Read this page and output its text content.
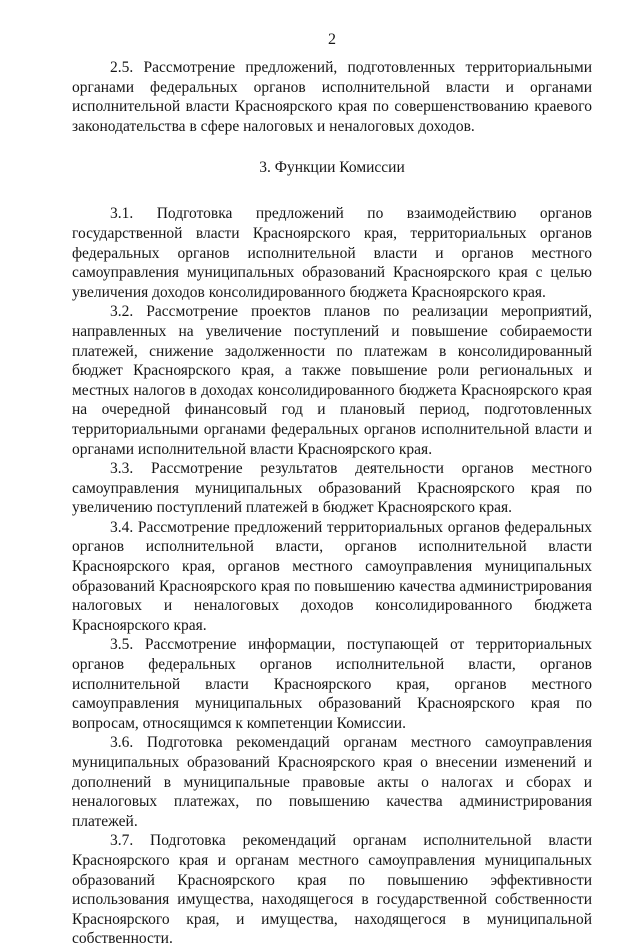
2

2.5. Рассмотрение предложений, подготовленных территориальными органами федеральных органов исполнительной власти и органами исполнительной власти Красноярского края по совершенствованию краевого законодательства в сфере налоговых и неналоговых доходов.

3. Функции Комиссии

3.1. Подготовка предложений по взаимодействию органов государственной власти Красноярского края, территориальных органов федеральных органов исполнительной власти и органов местного самоуправления муниципальных образований Красноярского края с целью увеличения доходов консолидированного бюджета Красноярского края.

3.2. Рассмотрение проектов планов по реализации мероприятий, направленных на увеличение поступлений и повышение собираемости платежей, снижение задолженности по платежам в консолидированный бюджет Красноярского края, а также повышение роли региональных и местных налогов в доходах консолидированного бюджета Красноярского края на очередной финансовый год и плановый период, подготовленных территориальными органами федеральных органов исполнительной власти и органами исполнительной власти Красноярского края.

3.3. Рассмотрение результатов деятельности органов местного самоуправления муниципальных образований Красноярского края по увеличению поступлений платежей в бюджет Красноярского края.

3.4. Рассмотрение предложений территориальных органов федеральных органов исполнительной власти, органов исполнительной власти Красноярского края, органов местного самоуправления муниципальных образований Красноярского края по повышению качества администрирования налоговых и неналоговых доходов консолидированного бюджета Красноярского края.

3.5. Рассмотрение информации, поступающей от территориальных органов федеральных органов исполнительной власти, органов исполнительной власти Красноярского края, органов местного самоуправления муниципальных образований Красноярского края по вопросам, относящимся к компетенции Комиссии.

3.6. Подготовка рекомендаций органам местного самоуправления муниципальных образований Красноярского края о внесении изменений и дополнений в муниципальные правовые акты о налогах и сборах и неналоговых платежах, по повышению качества администрирования платежей.

3.7. Подготовка рекомендаций органам исполнительной власти Красноярского края и органам местного самоуправления муниципальных образований Красноярского края по повышению эффективности использования имущества, находящегося в государственной собственности Красноярского края, и имущества, находящегося в муниципальной собственности.
